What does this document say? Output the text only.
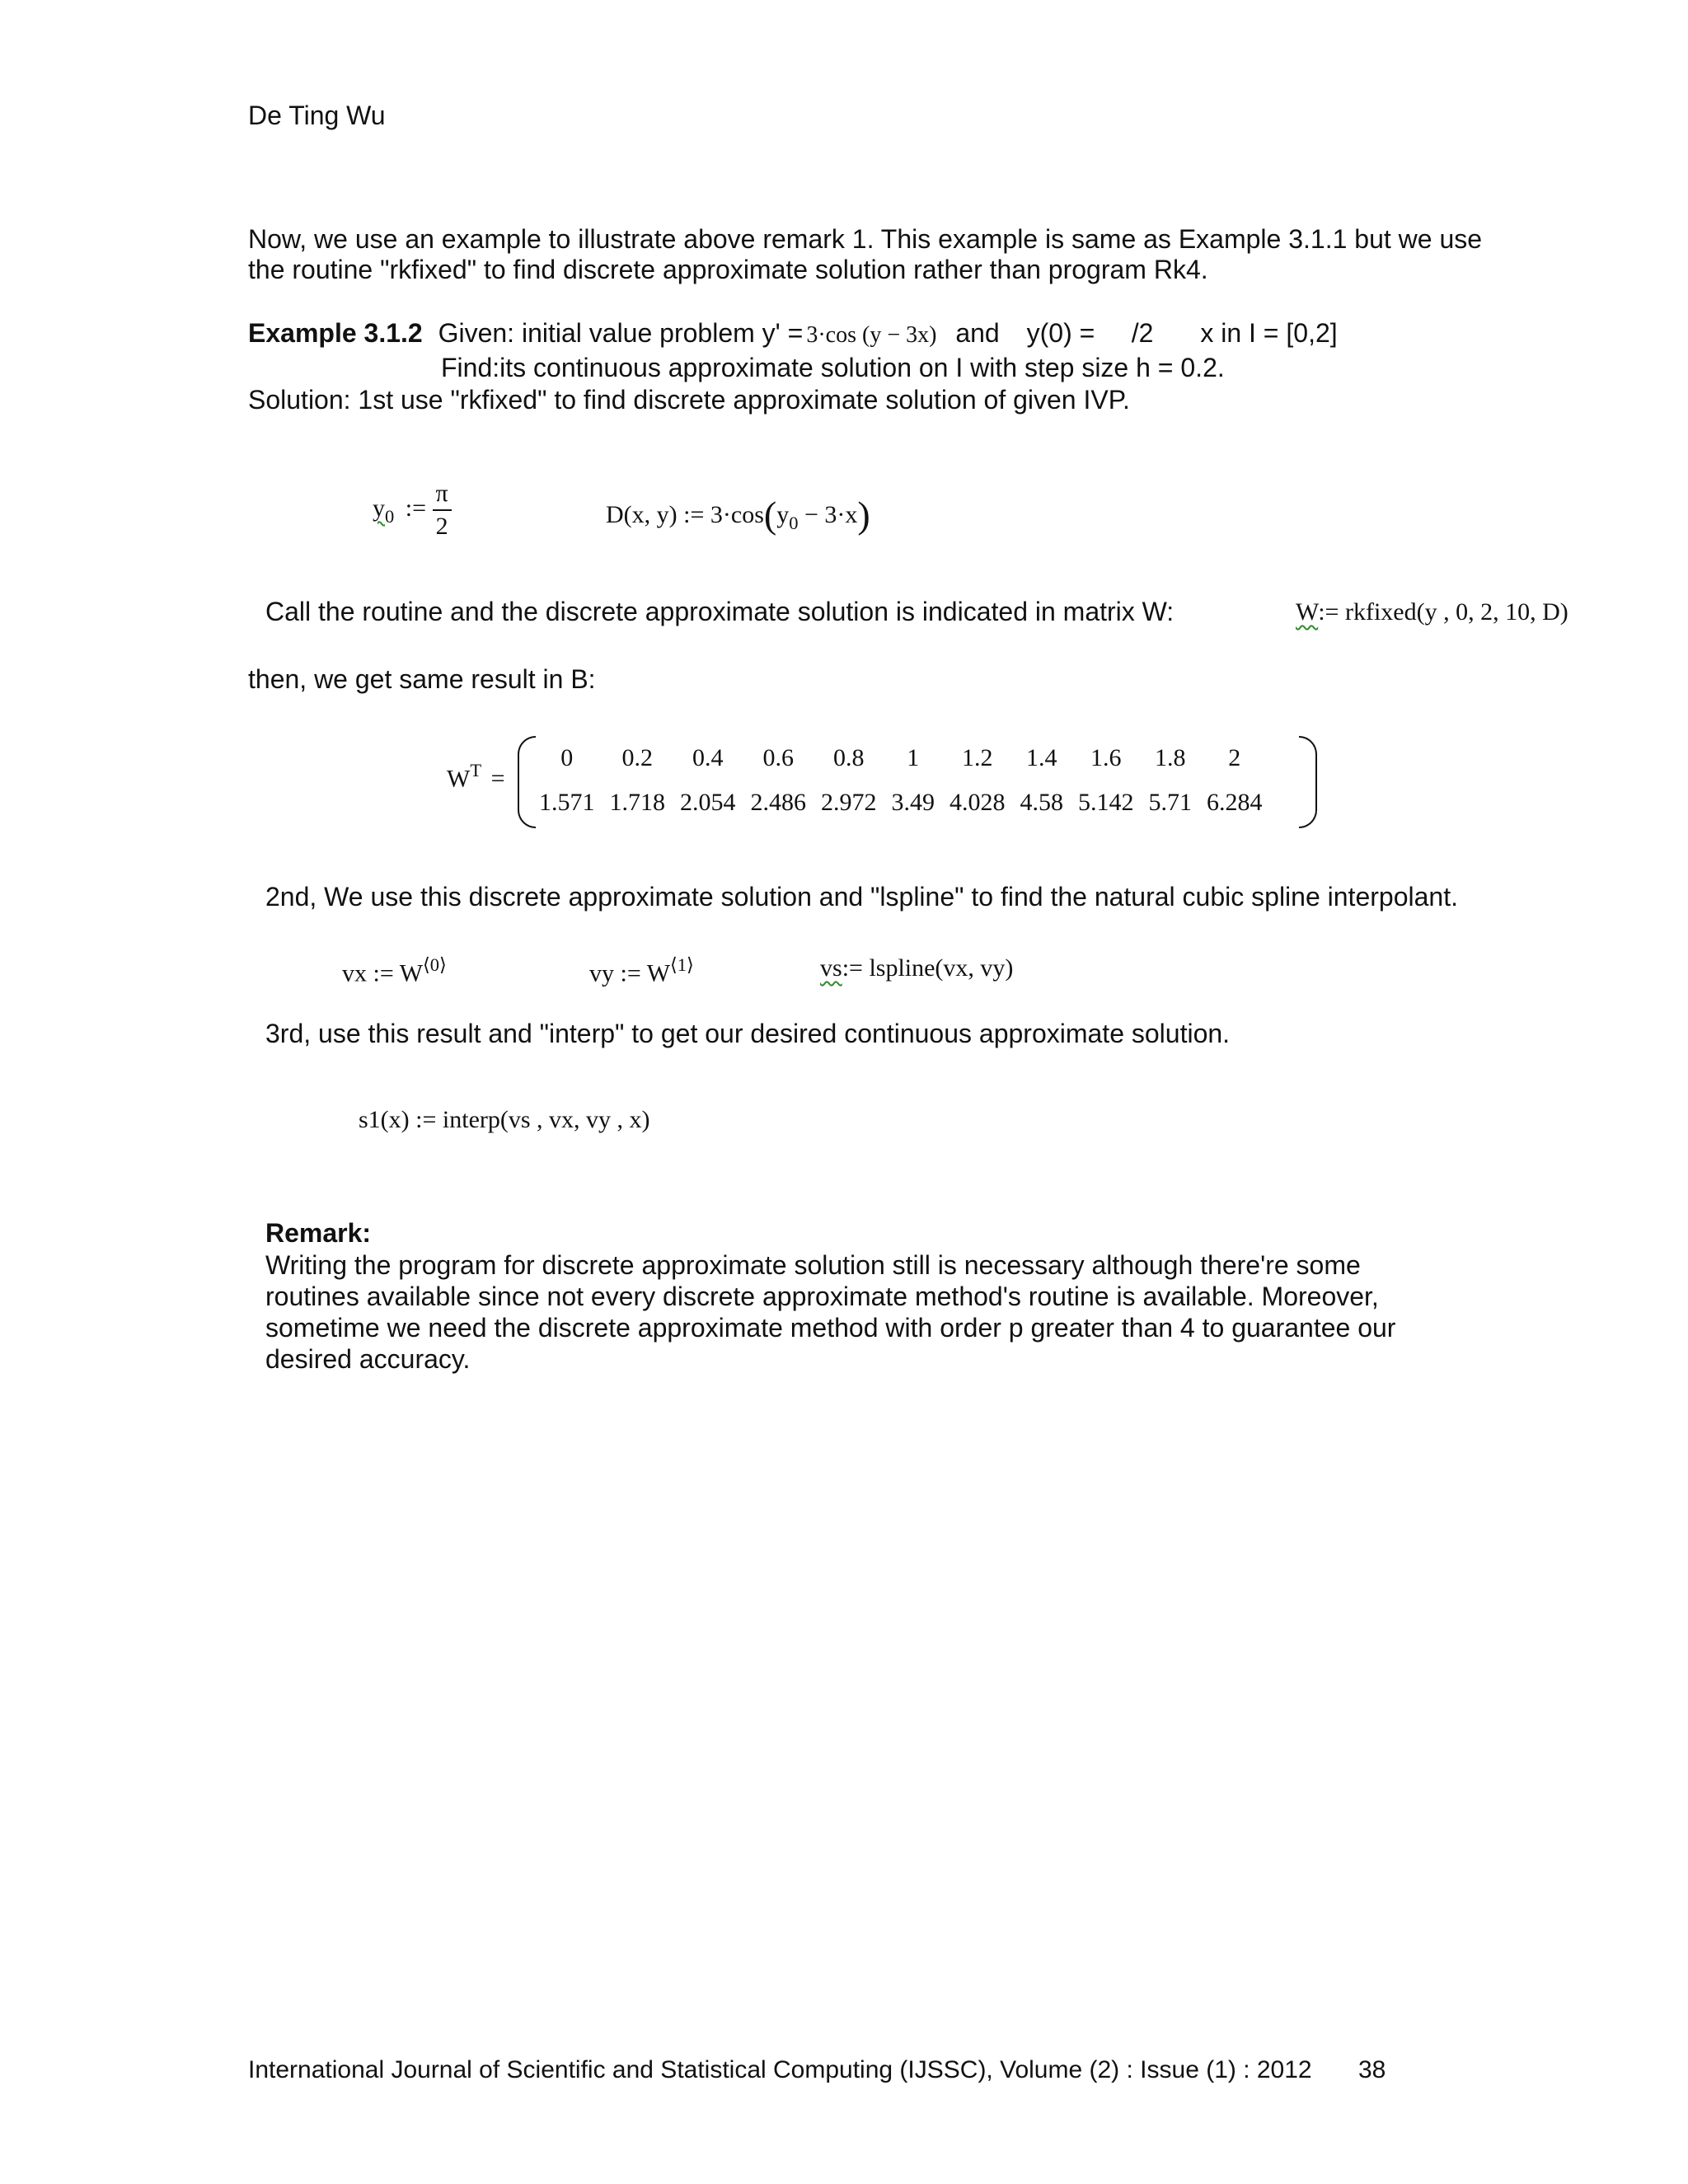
De Ting Wu
Now, we use an example to illustrate above remark 1. This example is same as Example 3.1.1 but we use
the routine "rkfixed" to find discrete approximate solution rather than program Rk4.
Example 3.1.2 Given: initial value problem y' = 3·cos (y − 3x) and y(0) =     /2 x in I = [0,2]
Find:its continuous approximate solution on I with step size h = 0.2.
Solution: 1st use "rkfixed" to find discrete approximate solution of given IVP.
$y_0$ := $\frac{\pi}{2}$	D(x, y) := $3\cdot\cos(y_0 - 3\cdot x)$
Call the routine and the discrete approximate solution is indicated in matrix W:	W:= rkfixed(y , 0, 2, 10, D)
then, we get same result in B:
$W^T$ =
0	0.2	0.4	0.6	0.8	1	1.2	1.4	1.6	1.8	2
1.571	1.718	2.054	2.486	2.972	3.49	4.028	4.58	5.142	5.71	6.284
2nd, We use this discrete approximate solution and "lspline" to find the natural cubic spline interpolant.
vx := $W^{⟨0⟩}$	vy := $W^{⟨1⟩}$	vs:= lspline(vx, vy)
3rd, use this result and "interp" to get our desired continuous approximate solution.
s1(x) := interp(vs , vx, vy , x)
Remark:
Writing the program for discrete approximate solution still is necessary although there're some
routines available since not every discrete approximate method's routine is available. Moreover,
sometime we need the discrete approximate method with order p greater than 4 to guarantee our
desired accuracy.
International Journal of Scientific and Statistical Computing (IJSSC), Volume (2) : Issue (1) : 2012 38
